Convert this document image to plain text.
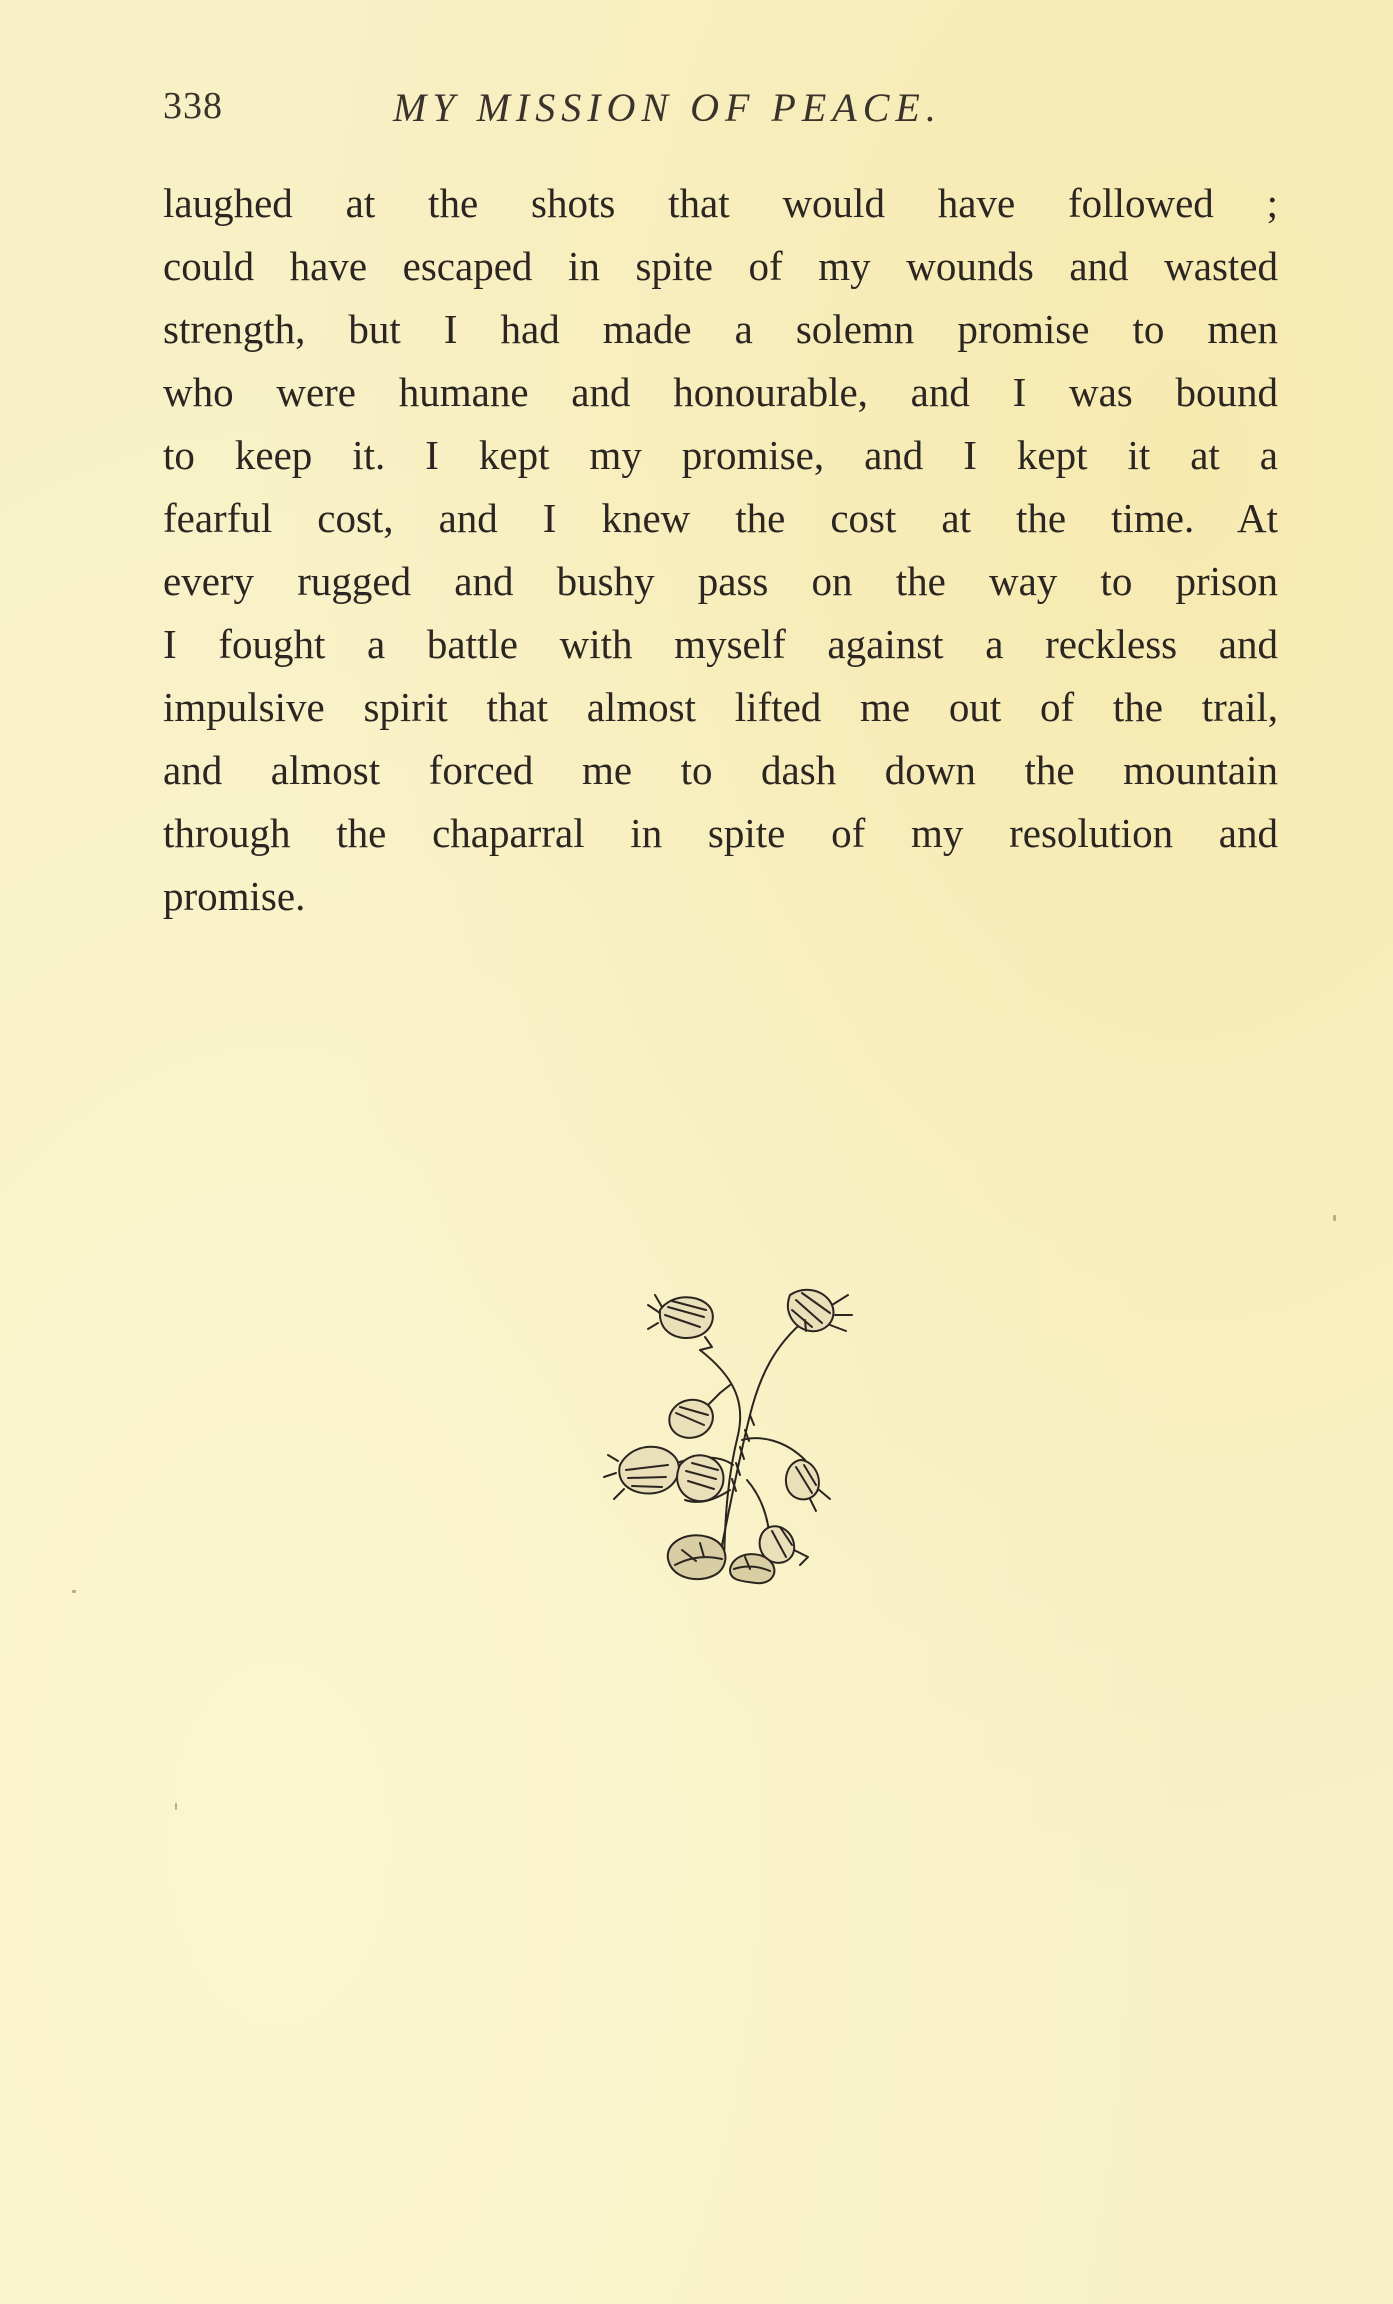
338	MY MISSION OF PEACE.
laughed at the shots that would have followed ;
could have escaped in spite of my wounds and wasted
strength, but I had made a solemn promise to men
who were humane and honourable, and I was bound
to keep it. I kept my promise, and I kept it at a
fearful cost, and I knew the cost at the time. At
every rugged and bushy pass on the way to prison
I fought a battle with myself against a reckless and
impulsive spirit that almost lifted me out of the trail,
and almost forced me to dash down the mountain
through the chaparral in spite of my resolution and
promise.
